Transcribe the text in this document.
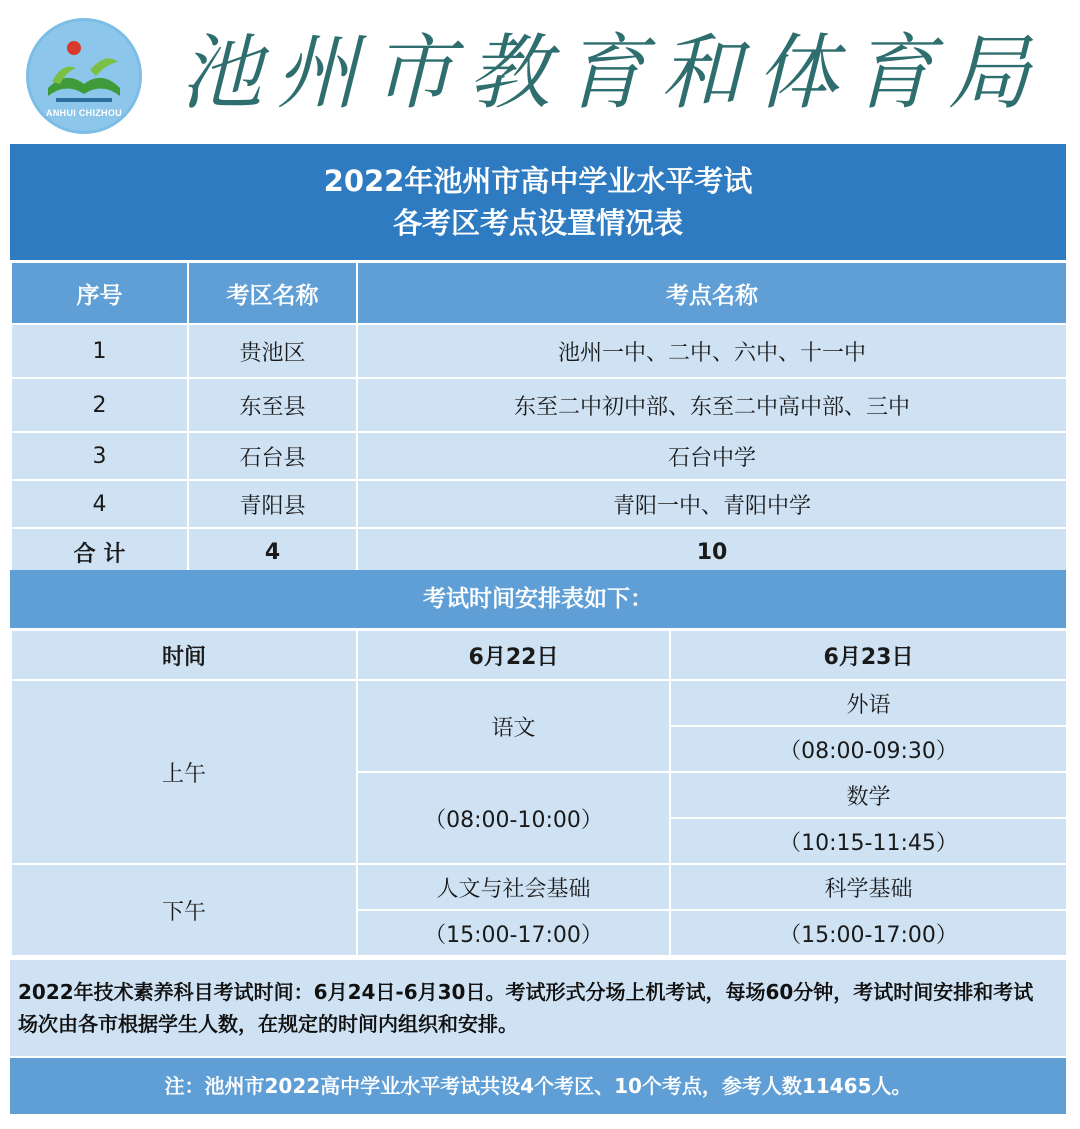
ANHUI CHIZHOU 池州市教育和体育局
2022年池州市高中学业水平考试
各考区考点设置情况表
序号	考区名称	考点名称
1	贵池区	池州一中、二中、六中、十一中
2	东至县	东至二中初中部、东至二中高中部、三中
3	石台县	石台中学
4	青阳县	青阳一中、青阳中学
合 计	4	10
考试时间安排表如下：
时间	6月22日	6月23日
上午	语文	外语
		（08:00-09:30）
	（08:00-10:00）	数学
		（10:15-11:45）
下午	人文与社会基础	科学基础
	（15:00-17:00）	（15:00-17:00）
2022年技术素养科目考试时间：6月24日-6月30日。考试形式分场上机考试，每场60分钟，考试时间安排和考试场次由各市根据学生人数，在规定的时间内组织和安排。
注：池州市2022高中学业水平考试共设4个考区、10个考点，参考人数11465人。
